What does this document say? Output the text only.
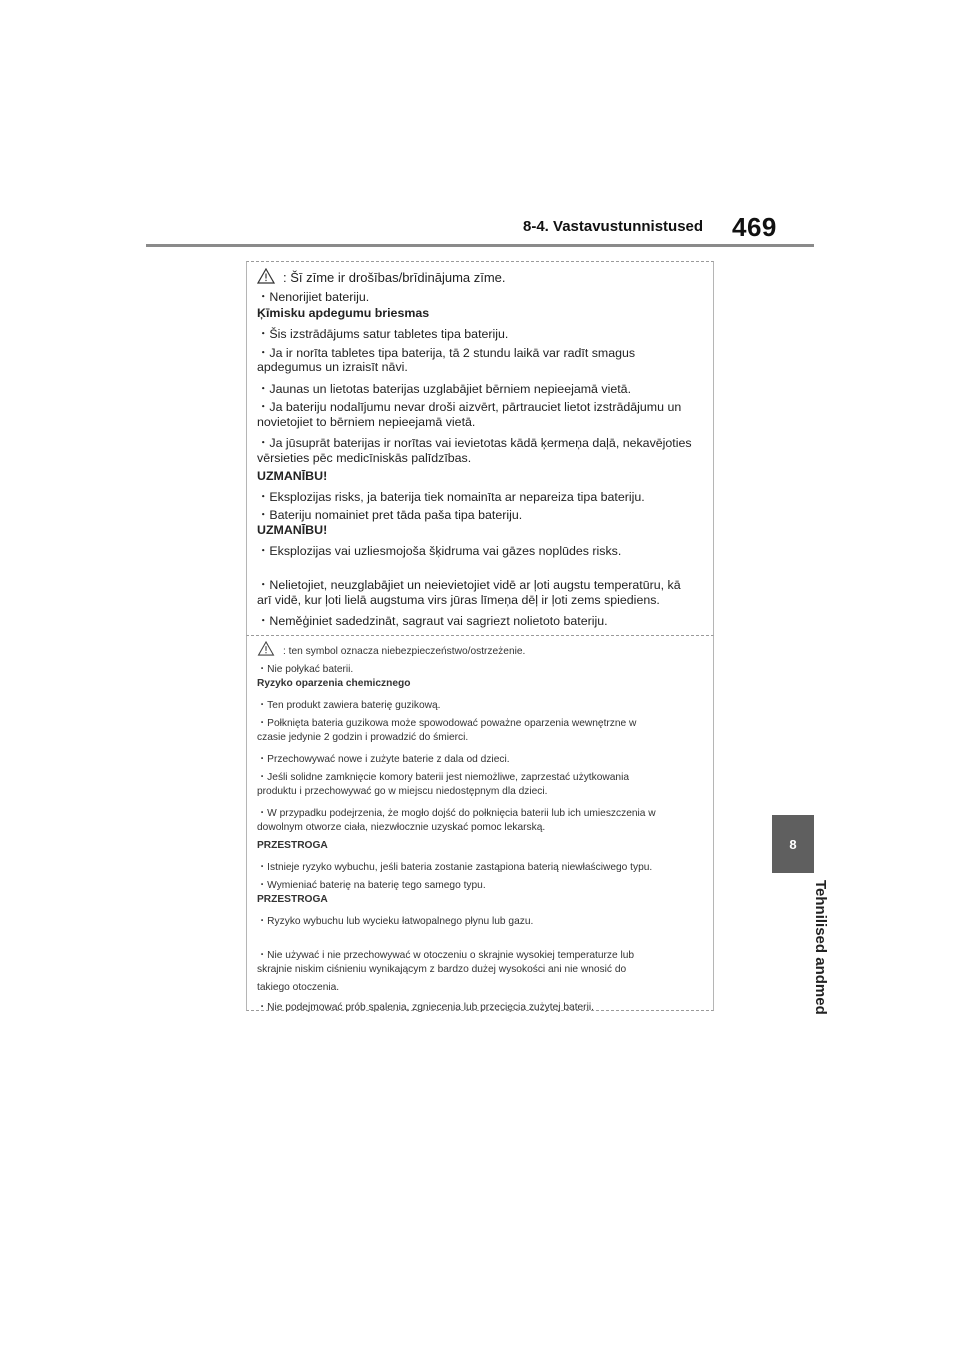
8-4. Vastavustunnistused 469
8
Tehnilised andmed
: Šī zīme ir drošības/brīdinājuma zīme.
・Nenorijiet bateriju.
Ķīmisku apdegumu briesmas
・Šis izstrādājums satur tabletes tipa bateriju.
・Ja ir norīta tabletes tipa baterija, tā 2 stundu laikā var radīt smagus
apdegumus un izraisīt nāvi.
・Jaunas un lietotas baterijas uzglabājiet bērniem nepieejamā vietā.
・Ja bateriju nodalījumu nevar droši aizvērt, pārtrauciet lietot izstrādājumu un
novietojiet to bērniem nepieejamā vietā.
・Ja jūsuprāt baterijas ir norītas vai ievietotas kādā ķermeņa daļā, nekavējoties
vērsieties pēc medicīniskās palīdzības.
UZMANĪBU!
・Eksplozijas risks, ja baterija tiek nomainīta ar nepareiza tipa bateriju.
・Bateriju nomainiet pret tāda paša tipa bateriju.
UZMANĪBU!
・Eksplozijas vai uzliesmojoša šķidruma vai gāzes noplūdes risks.
・Nelietojiet, neuzglabājiet un neievietojiet vidē ar ļoti augstu temperatūru, kā
arī vidē, kur ļoti lielā augstuma virs jūras līmeņa dēļ ir ļoti zems spiediens.
・Neměģiniet sadedzināt, sagraut vai sagriezt nolietoto bateriju.
: ten symbol oznacza niebezpieczeństwo/ostrzeżenie.
・Nie połykać baterii.
Ryzyko oparzenia chemicznego
・Ten produkt zawiera baterię guzikową.
・Połknięta bateria guzikowa może spowodować poważne oparzenia wewnętrzne w
czasie jedynie 2 godzin i prowadzić do śmierci.
・Przechowywać nowe i zużyte baterie z dala od dzieci.
・Jeśli solidne zamknięcie komory baterii jest niemożliwe, zaprzestać użytkowania
produktu i przechowywać go w miejscu niedostępnym dla dzieci.
・W przypadku podejrzenia, że mogło dojść do połknięcia baterii lub ich umieszczenia w
dowolnym otworze ciała, niezwłocznie uzyskać pomoc lekarską.
PRZESTROGA
・Istnieje ryzyko wybuchu, jeśli bateria zostanie zastąpiona baterią niewłaściwego typu.
・Wymieniać baterię na baterię tego samego typu.
PRZESTROGA
・Ryzyko wybuchu lub wycieku łatwopalnego płynu lub gazu.
・Nie używać i nie przechowywać w otoczeniu o skrajnie wysokiej temperaturze lub
skrajnie niskim ciśnieniu wynikającym z bardzo dużej wysokości ani nie wnosić do
takiego otoczenia.
・Nie podejmować prób spalenia, zgniecenia lub przecięcia zużytej baterii.
